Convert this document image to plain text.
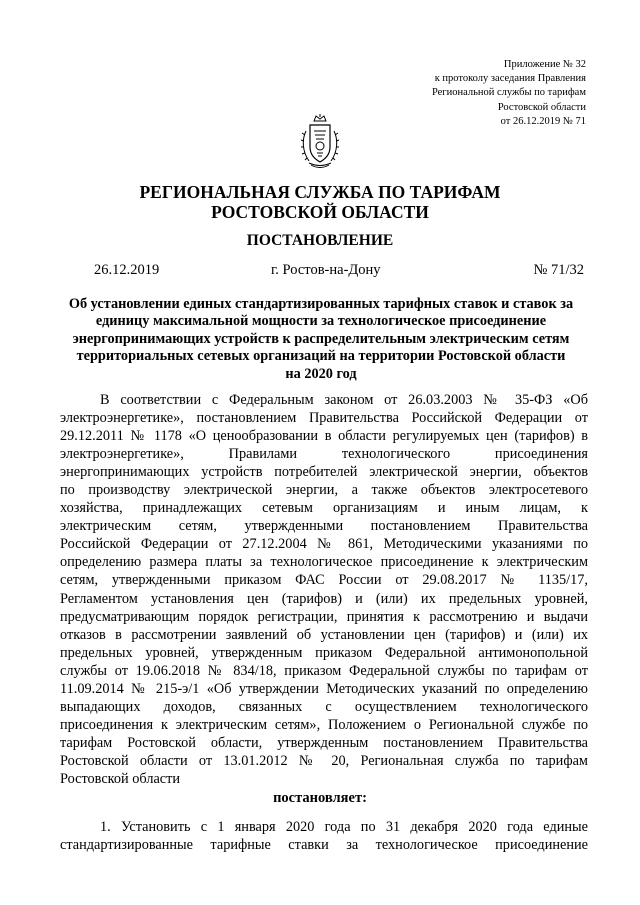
Приложение № 32
к протоколу заседания Правления
Региональной службы по тарифам
Ростовской области
от 26.12.2019 № 71
РЕГИОНАЛЬНАЯ СЛУЖБА ПО ТАРИФАМ
РОСТОВСКОЙ ОБЛАСТИ
ПОСТАНОВЛЕНИЕ
26.12.2019	г. Ростов-на-Дону	№ 71/32
Об установлении единых стандартизированных тарифных ставок и ставок за
единицу максимальной мощности за технологическое присоединение
энергопринимающих устройств к распределительным электрическим сетям
территориальных сетевых организаций на территории Ростовской области
на 2020 год
В соответствии с Федеральным законом от 26.03.2003 № 35-ФЗ «Об
электроэнергетике», постановлением Правительства Российской Федерации от
29.12.2011 № 1178 «О ценообразовании в области регулируемых цен (тарифов) в
электроэнергетике», Правилами технологического присоединения
энергопринимающих устройств потребителей электрической энергии, объектов
по производству электрической энергии, а также объектов электросетевого
хозяйства, принадлежащих сетевым организациям и иным лицам, к
электрическим сетям, утвержденными постановлением Правительства
Российской Федерации от 27.12.2004 № 861, Методическими указаниями по
определению размера платы за технологическое присоединение к электрическим
сетям, утвержденными приказом ФАС России от 29.08.2017 № 1135/17,
Регламентом установления цен (тарифов) и (или) их предельных уровней,
предусматривающим порядок регистрации, принятия к рассмотрению и выдачи
отказов в рассмотрении заявлений об установлении цен (тарифов) и (или) их
предельных уровней, утвержденным приказом Федеральной антимонопольной
службы от 19.06.2018 № 834/18, приказом Федеральной службы по тарифам от
11.09.2014 № 215-э/1 «Об утверждении Методических указаний по определению
выпадающих доходов, связанных с осуществлением технологического
присоединения к электрическим сетям», Положением о Региональной службе по
тарифам Ростовской области, утвержденным постановлением Правительства
Ростовской области от 13.01.2012 № 20, Региональная служба по тарифам
Ростовской области
постановляет:
1. Установить с 1 января 2020 года по 31 декабря 2020 года единые
стандартизированные тарифные ставки за технологическое присоединение
